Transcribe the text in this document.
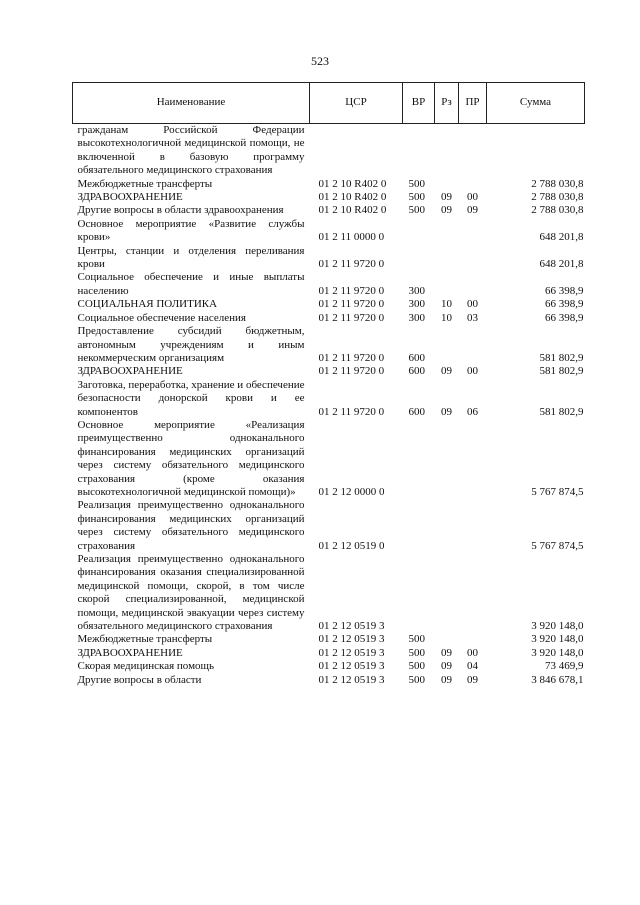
523
Наименование	ЦСР	ВР	Рз	ПР	Сумма
гражданам Российской Федерации высокотехнологичной медицинской помощи, не включенной в базовую программу обязательного медицинского страхования					
Межбюджетные трансферты	01 2 10 R402 0	500			2 788 030,8
ЗДРАВООХРАНЕНИЕ	01 2 10 R402 0	500	09	00	2 788 030,8
Другие вопросы в области здравоохранения	01 2 10 R402 0	500	09	09	2 788 030,8
Основное мероприятие «Развитие службы крови»	01 2 11 0000 0				648 201,8
Центры, станции и отделения переливания крови	01 2 11 9720 0				648 201,8
Социальное обеспечение и иные выплаты населению	01 2 11 9720 0	300			66 398,9
СОЦИАЛЬНАЯ ПОЛИТИКА	01 2 11 9720 0	300	10	00	66 398,9
Социальное обеспечение населения	01 2 11 9720 0	300	10	03	66 398,9
Предоставление субсидий бюджетным, автономным учреждениям и иным некоммерческим организациям	01 2 11 9720 0	600			581 802,9
ЗДРАВООХРАНЕНИЕ	01 2 11 9720 0	600	09	00	581 802,9
Заготовка, переработка, хранение и обеспечение безопасности донорской крови и ее компонентов	01 2 11 9720 0	600	09	06	581 802,9
Основное мероприятие «Реализация преимущественно одноканального финансирования медицинских организаций через систему обязательного медицинского страхования (кроме оказания высокотехнологичной медицинской помощи)»	01 2 12 0000 0				5 767 874,5
Реализация преимущественно одноканального финансирования медицинских организаций через систему обязательного медицинского страхования	01 2 12 0519 0				5 767 874,5
Реализация преимущественно одноканального финансирования оказания специализированной медицинской помощи, скорой, в том числе скорой специализированной, медицинской помощи, медицинской эвакуации через систему обязательного медицинского страхования	01 2 12 0519 3				3 920 148,0
Межбюджетные трансферты	01 2 12 0519 3	500			3 920 148,0
ЗДРАВООХРАНЕНИЕ	01 2 12 0519 3	500	09	00	3 920 148,0
Скорая медицинская помощь	01 2 12 0519 3	500	09	04	73 469,9
Другие вопросы в области	01 2 12 0519 3	500	09	09	3 846 678,1
